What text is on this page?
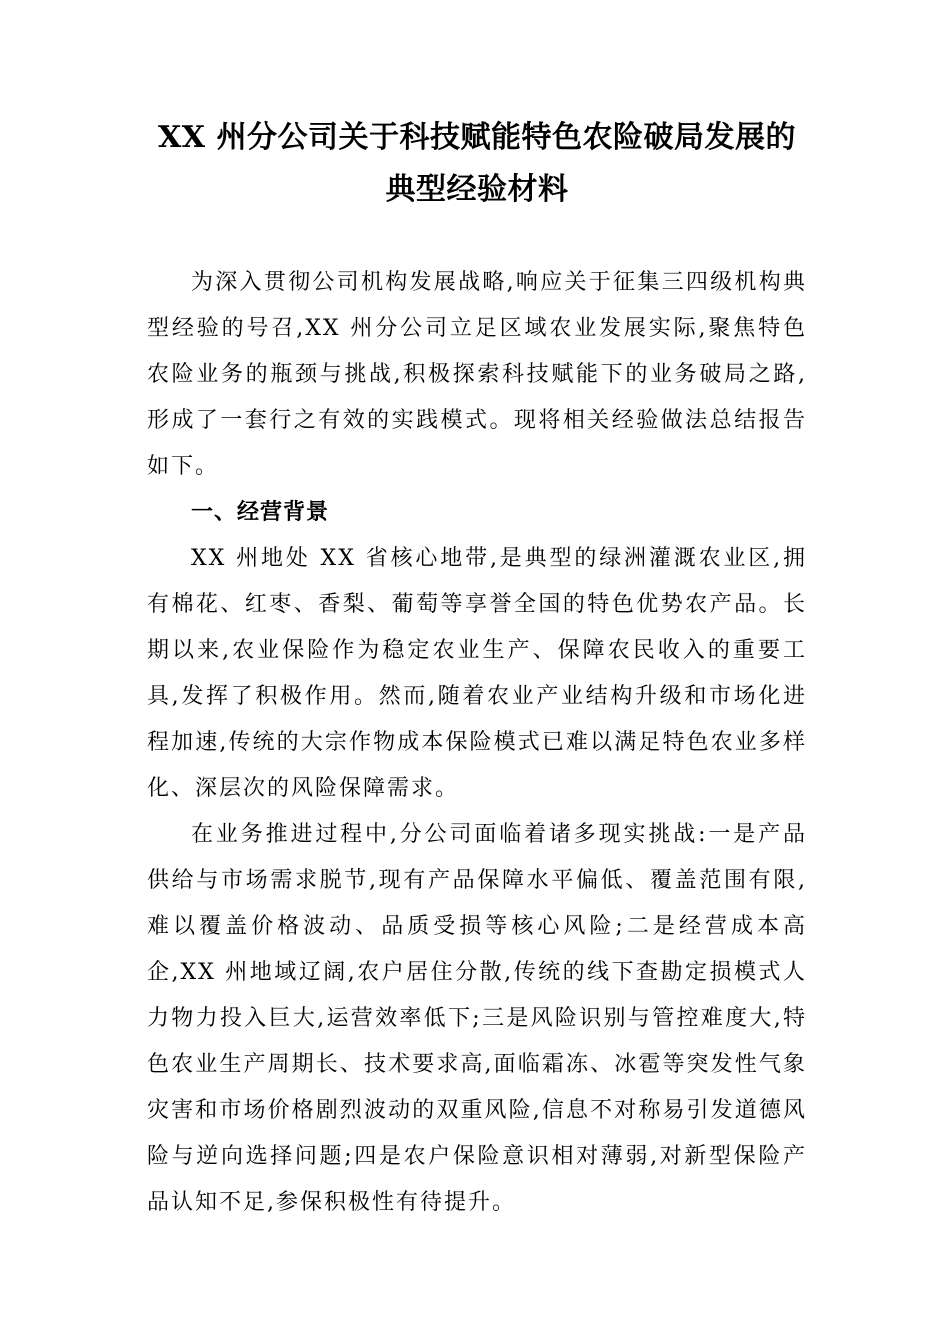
XX 州分公司关于科技赋能特色农险破局发展的典型经验材料

为深入贯彻公司机构发展战略,响应关于征集三四级机构典型经验的号召,XX 州分公司立足区域农业发展实际,聚焦特色农险业务的瓶颈与挑战,积极探索科技赋能下的业务破局之路,形成了一套行之有效的实践模式。现将相关经验做法总结报告如下。

一、经营背景

XX 州地处 XX 省核心地带,是典型的绿洲灌溉农业区,拥有棉花、红枣、香梨、葡萄等享誉全国的特色优势农产品。长期以来,农业保险作为稳定农业生产、保障农民收入的重要工具,发挥了积极作用。然而,随着农业产业结构升级和市场化进程加速,传统的大宗作物成本保险模式已难以满足特色农业多样化、深层次的风险保障需求。

在业务推进过程中,分公司面临着诸多现实挑战:一是产品供给与市场需求脱节,现有产品保障水平偏低、覆盖范围有限,难以覆盖价格波动、品质受损等核心风险;二是经营成本高企,XX 州地域辽阔,农户居住分散,传统的线下查勘定损模式人力物力投入巨大,运营效率低下;三是风险识别与管控难度大,特色农业生产周期长、技术要求高,面临霜冻、冰雹等突发性气象灾害和市场价格剧烈波动的双重风险,信息不对称易引发道德风险与逆向选择问题;四是农户保险意识相对薄弱,对新型保险产品认知不足,参保积极性有待提升。
